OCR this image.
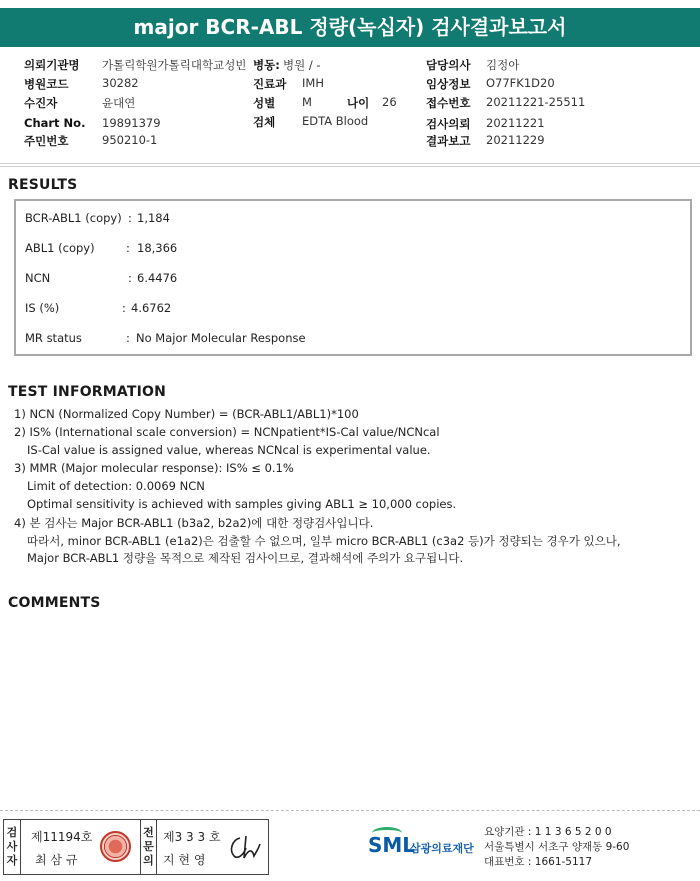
major BCR-ABL 정량(녹십자) 검사결과보고서
의뢰기관명 가톨릭학원가톨릭대학교성빈 병동: 병원 / -	담당의사 김정아
병원코드	30282	진료과 IMH	임상정보 O77FK1D20
수진자	윤대연	성별 M	나이 26	접수번호 20211221-25511
Chart No. 19891379	검체 EDTA Blood	검사의뢰 20211221
주민번호	950210-1	결과보고 20211229
RESULTS
BCR-ABL1 (copy) : 1,184
ABL1 (copy)	: 18,366
NCN	: 6.4476
IS (%)	: 4.6762
MR status	: No Major Molecular Response
TEST INFORMATION
1) NCN (Normalized Copy Number) = (BCR-ABL1/ABL1)*100
2) IS% (International scale conversion) = NCNpatient*IS-Cal value/NCNcal
IS-Cal value is assigned value, whereas NCNcal is experimental value.
3) MMR (Major molecular response): IS% ≤ 0.1%
Limit of detection: 0.0069 NCN
Optimal sensitivity is achieved with samples giving ABL1 ≥ 10,000 copies.
4) 본 검사는 Major BCR-ABL1 (b3a2, b2a2)에 대한 정량검사입니다.
따라서, minor BCR-ABL1 (e1a2)은 검출할 수 없으며, 일부 micro BCR-ABL1 (c3a2 등)가 정량되는 경우가 있으나,
Major BCR-ABL1 정량을 목적으로 제작된 검사이므로, 결과해석에 주의가 요구됩니다.
COMMENTS
검
사
자
제11194호
최 삼 규
전
문
의
제3 3 3 호
지 현 영
SML
삼광의료재단
요양기관 : 1 1 3 6 5 2 0 0
서울특별시 서초구 양재동 9-60
대표번호 : 1661-5117
